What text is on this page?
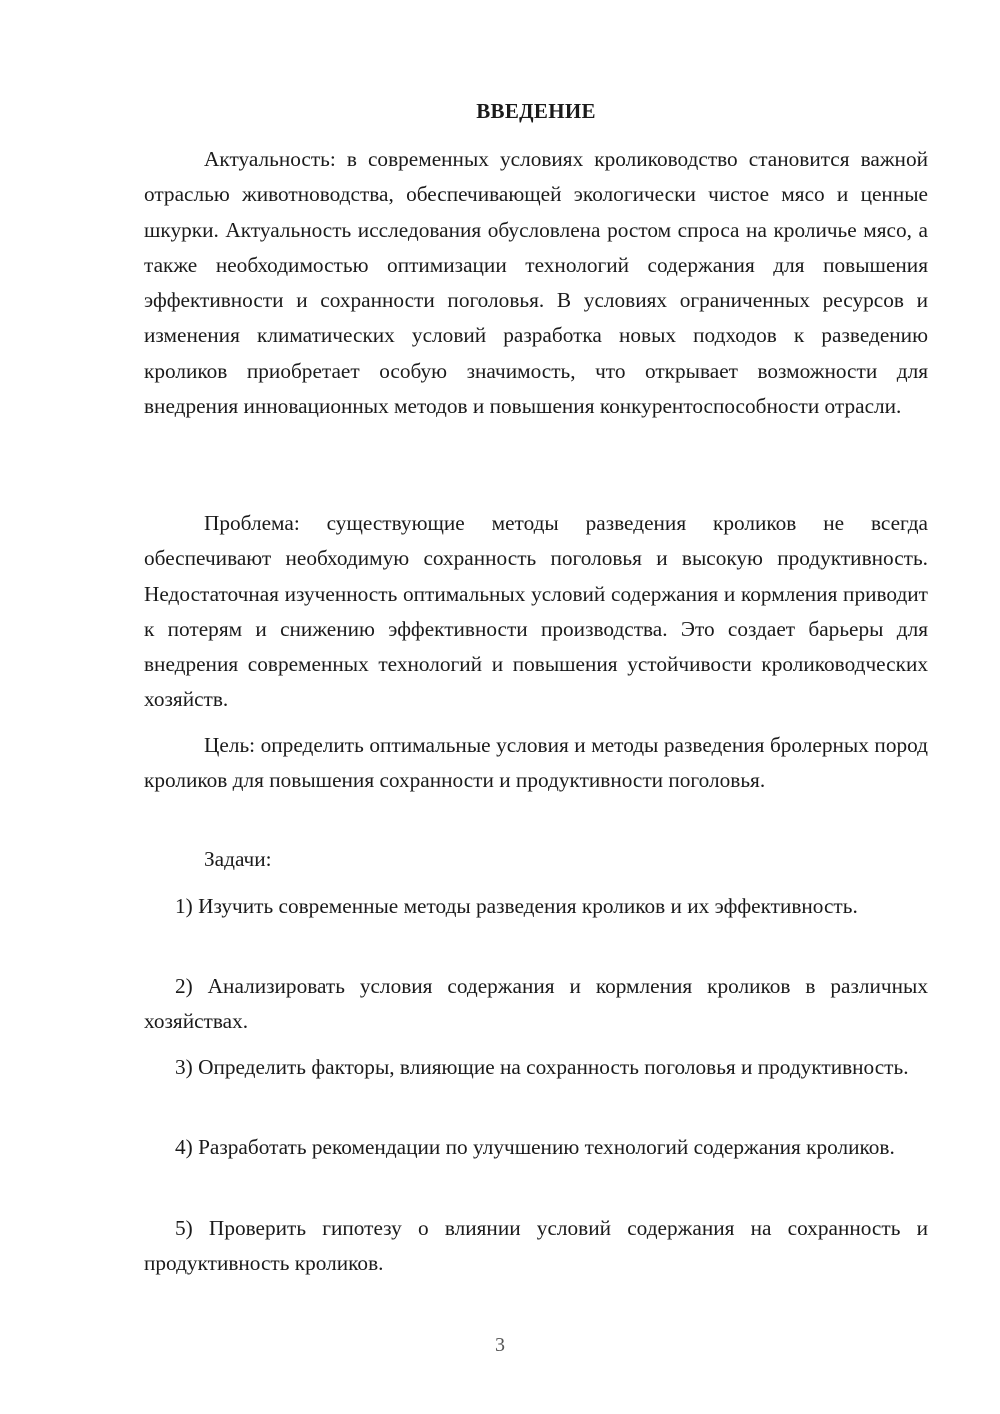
ВВЕДЕНИЕ

Актуальность: в современных условиях кролиководство становится важной отраслью животноводства, обеспечивающей экологически чистое мясо и ценные шкурки. Актуальность исследования обусловлена ростом спроса на кроличье мясо, а также необходимостью оптимизации технологий содержания для повышения эффективности и сохранности поголовья. В условиях ограниченных ресурсов и изменения климатических условий разработка новых подходов к разведению кроликов приобретает особую значимость, что открывает возможности для внедрения инновационных методов и повышения конкурентоспособности отрасли.

Проблема: существующие методы разведения кроликов не всегда обеспечивают необходимую сохранность поголовья и высокую продуктивность. Недостаточная изученность оптимальных условий содержания и кормления приводит к потерям и снижению эффективности производства. Это создает барьеры для внедрения современных технологий и повышения устойчивости кролиководческих хозяйств.

Цель: определить оптимальные условия и методы разведения бролерных пород кроликов для повышения сохранности и продуктивности поголовья.

Задачи:

1) Изучить современные методы разведения кроликов и их эффективность.

2) Анализировать условия содержания и кормления кроликов в различных хозяйствах.

3) Определить факторы, влияющие на сохранность поголовья и продуктивность.

4) Разработать рекомендации по улучшению технологий содержания кроликов.

5) Проверить гипотезу о влиянии условий содержания на сохранность и продуктивность кроликов.

3
